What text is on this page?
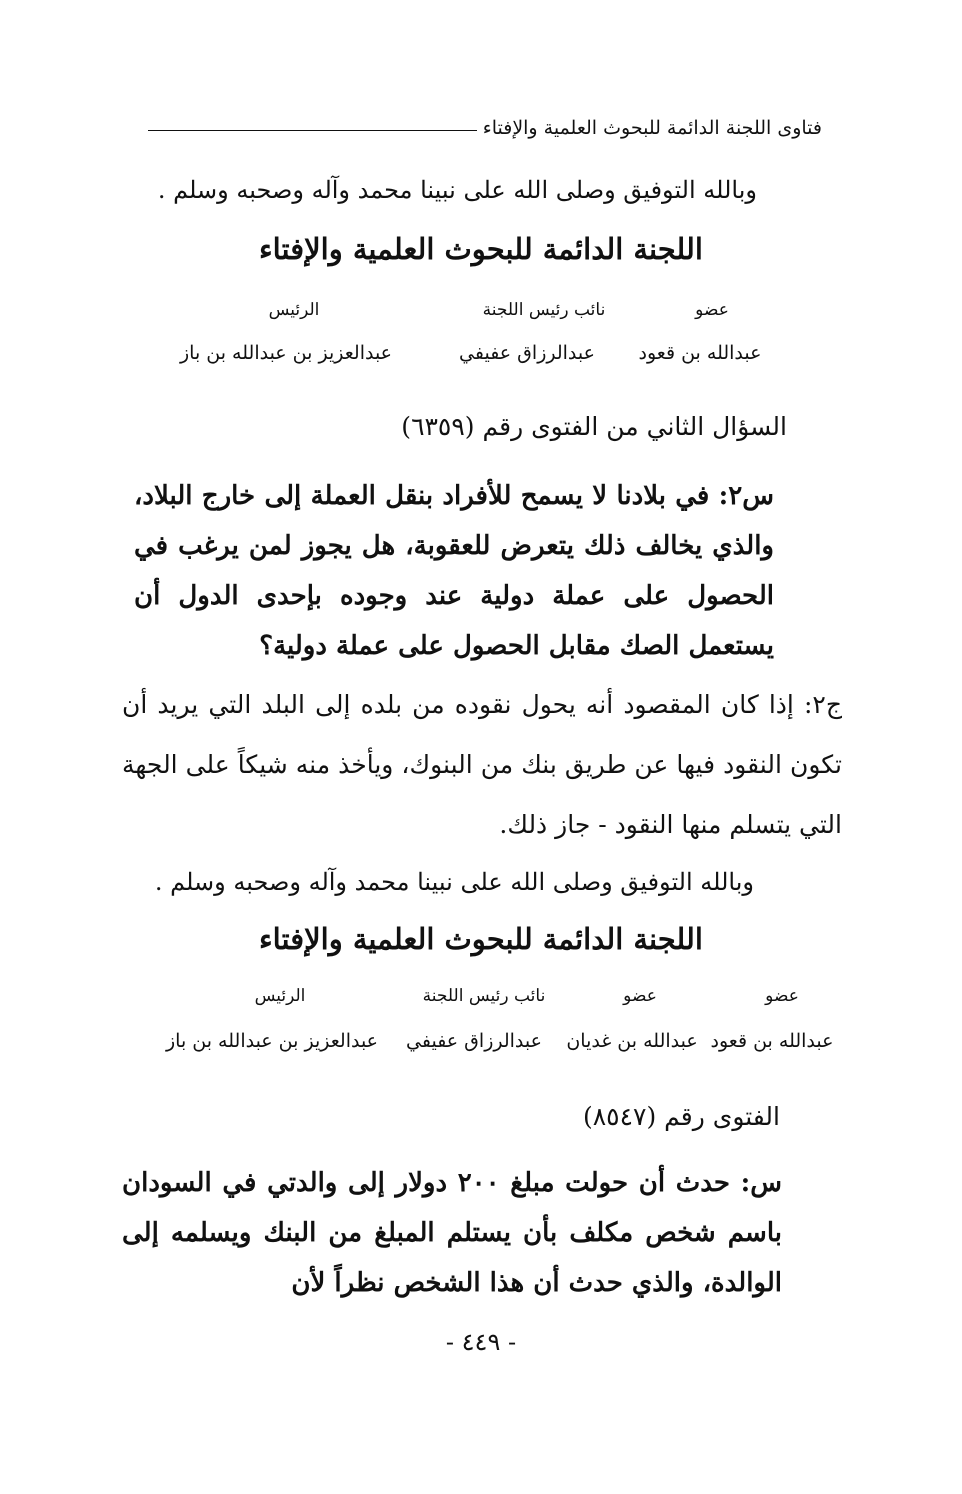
فتاوى اللجنة الدائمة للبحوث العلمية والإفتاء
وبالله التوفيق وصلى الله على نبينا محمد وآله وصحبه وسلم .
اللجنة الدائمة للبحوث العلمية والإفتاء
عضو
نائب رئيس اللجنة
الرئيس
عبدالله بن قعود
عبدالرزاق عفيفي
عبدالعزيز بن عبدالله بن باز
السؤال الثاني من الفتوى رقم (٦٣٥٩)
س٢: في بلادنا لا يسمح للأفراد بنقل العملة إلى خارج البلاد، والذي يخالف ذلك يتعرض للعقوبة، هل يجوز لمن يرغب في الحصول على عملة دولية عند وجوده بإحدى الدول أن يستعمل الصك مقابل الحصول على عملة دولية؟
ج٢: إذا كان المقصود أنه يحول نقوده من بلده إلى البلد التي يريد أن تكون النقود فيها عن طريق بنك من البنوك، ويأخذ منه شيكاً على الجهة التي يتسلم منها النقود - جاز ذلك.
وبالله التوفيق وصلى الله على نبينا محمد وآله وصحبه وسلم .
اللجنة الدائمة للبحوث العلمية والإفتاء
عضو
عضو
نائب رئيس اللجنة
الرئيس
عبدالله بن قعود
عبدالله بن غديان
عبدالرزاق عفيفي
عبدالعزيز بن عبدالله بن باز
الفتوى رقم (٨٥٤٧)
س: حدث أن حولت مبلغ ٢٠٠ دولار إلى والدتي في السودان باسم شخص مكلف بأن يستلم المبلغ من البنك ويسلمه إلى الوالدة، والذي حدث أن هذا الشخص نظراً لأن
- ٤٤٩ -
